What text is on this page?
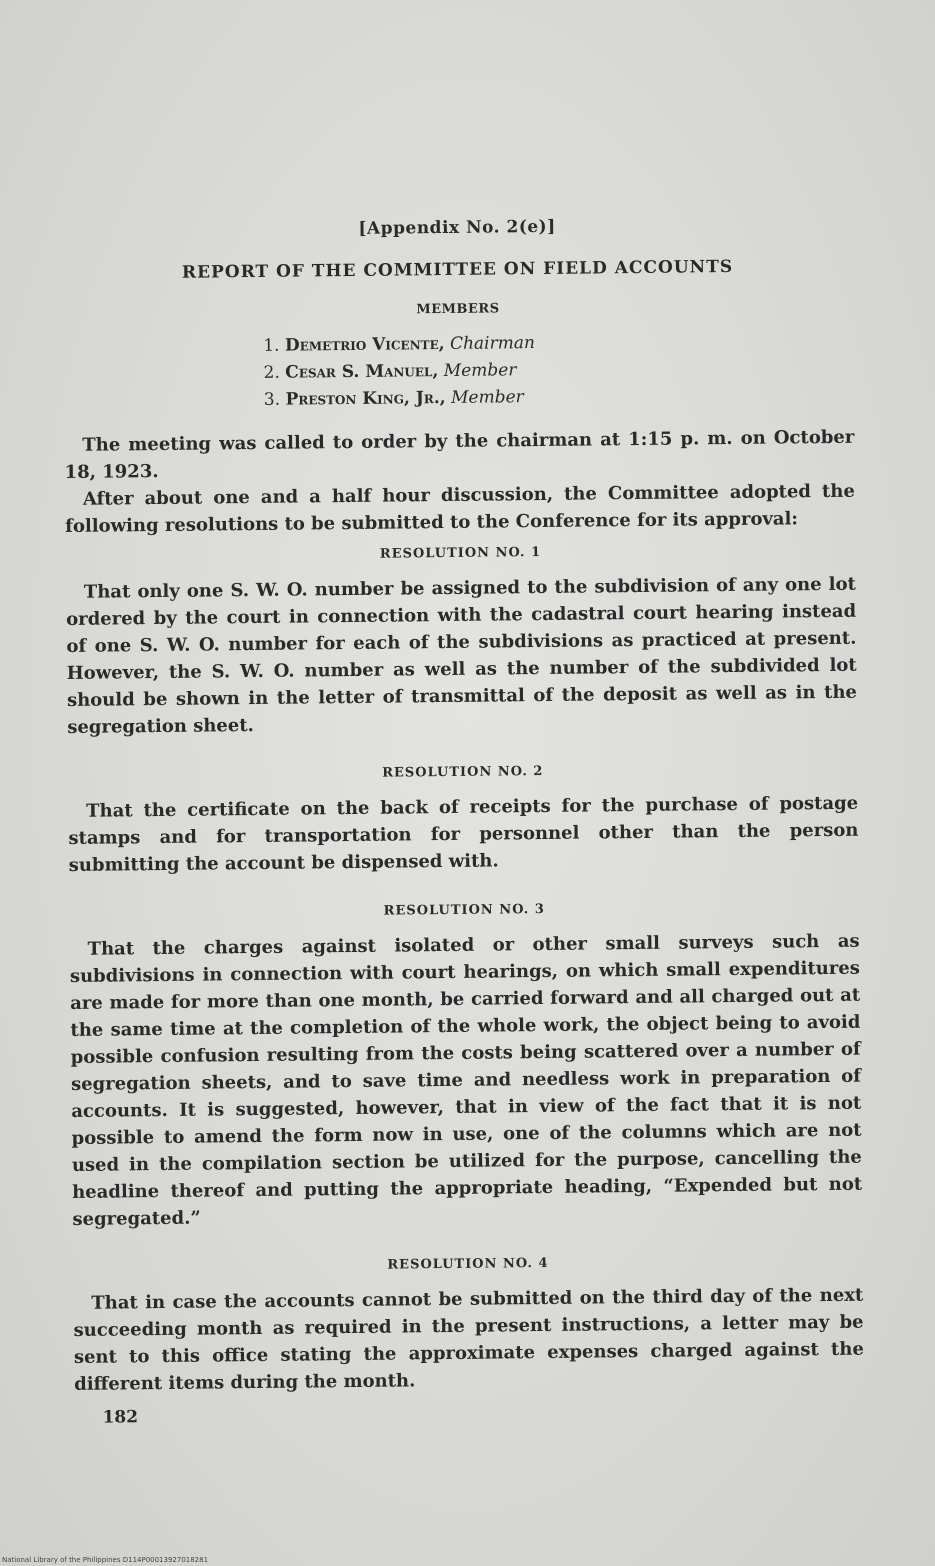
[Appendix No. 2(e)]
REPORT OF THE COMMITTEE ON FIELD ACCOUNTS
MEMBERS
1. Demetrio Vicente, Chairman
2. Cesar S. Manuel, Member
3. Preston King, Jr., Member

 The meeting was called to order by the chairman at 1:15 p. m. on October 18, 1923.

 After about one and a half hour discussion, the Committee adopted the following resolutions to be submitted to the Conference for its approval:

RESOLUTION NO. 1

 That only one S. W. O. number be assigned to the subdivision of any one lot ordered by the court in connection with the cadastral court hearing instead of one S. W. O. number for each of the subdivisions as practiced at present. However, the S. W. O. number as well as the number of the subdivided lot should be shown in the letter of transmittal of the deposit as well as in the segregation sheet.

RESOLUTION NO. 2

 That the certificate on the back of receipts for the purchase of postage stamps and for transportation for personnel other than the person submitting the account be dispensed with.

RESOLUTION NO. 3

 That the charges against isolated or other small surveys such as subdivisions in connection with court hearings, on which small expenditures are made for more than one month, be carried forward and all charged out at the same time at the completion of the whole work, the object being to avoid possible confusion resulting from the costs being scattered over a number of segregation sheets, and to save time and needless work in preparation of accounts. It is suggested, however, that in view of the fact that it is not possible to amend the form now in use, one of the columns which are not used in the compilation section be utilized for the purpose, cancelling the headline thereof and putting the appropriate heading, “Expended but not segregated.”

RESOLUTION NO. 4

 That in case the accounts cannot be submitted on the third day of the next succeeding month as required in the present instructions, a letter may be sent to this office stating the approximate expenses charged against the different items during the month.

182
National Library of the Philippines D114P00013927018281
